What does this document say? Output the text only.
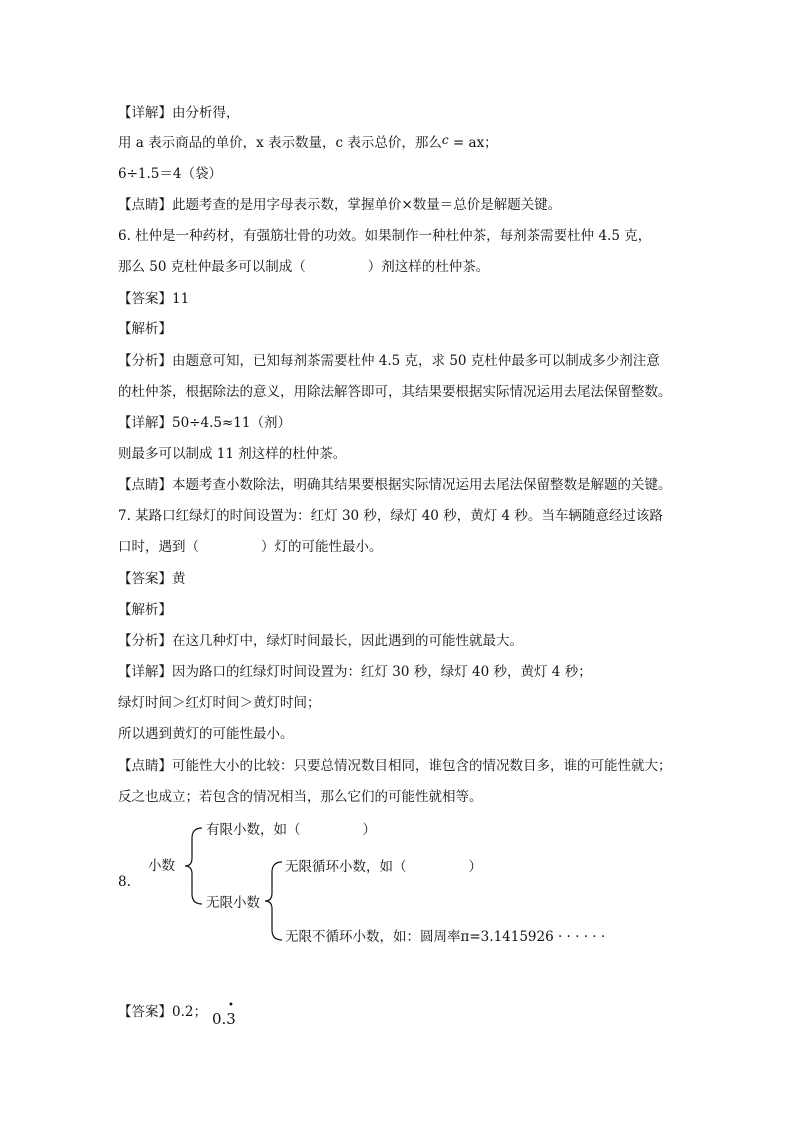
【详解】由分析得，
用 a 表示商品的单价，x 表示数量，c 表示总价，那么c = ax；
6÷1.5＝4（袋）
【点睛】此题考查的是用字母表示数，掌握单价×数量＝总价是解题关键。
6. 杜仲是一种药材，有强筋壮骨的功效。如果制作一种杜仲茶，每剂茶需要杜仲 4.5 克，
那么 50 克杜仲最多可以制成（	）剂这样的杜仲茶。
【答案】11
【解析】
【分析】由题意可知，已知每剂茶需要杜仲 4.5 克，求 50 克杜仲最多可以制成多少剂注意
的杜仲茶，根据除法的意义，用除法解答即可，其结果要根据实际情况运用去尾法保留整数。
【详解】50÷4.5≈11（剂）
则最多可以制成 11 剂这样的杜仲茶。
【点睛】本题考查小数除法，明确其结果要根据实际情况运用去尾法保留整数是解题的关键。
7. 某路口红绿灯的时间设置为：红灯 30 秒，绿灯 40 秒，黄灯 4 秒。当车辆随意经过该路
口时，遇到（	）灯的可能性最小。
【答案】黄
【解析】
【分析】在这几种灯中，绿灯时间最长，因此遇到的可能性就最大。
【详解】因为路口的红绿灯时间设置为：红灯 30 秒，绿灯 40 秒，黄灯 4 秒；
绿灯时间＞红灯时间＞黄灯时间；
所以遇到黄灯的可能性最小。
【点睛】可能性大小的比较：只要总情况数目相同，谁包含的情况数目多，谁的可能性就大；
反之也成立；若包含的情况相当，那么它们的可能性就相等。
8.
小数
有限小数，如（	）
无限小数
无限循环小数，如（	）
无限不循环小数，如：圆周率π=3.1415926 · · · · · ·
【答案】0.2； 0.3
•
